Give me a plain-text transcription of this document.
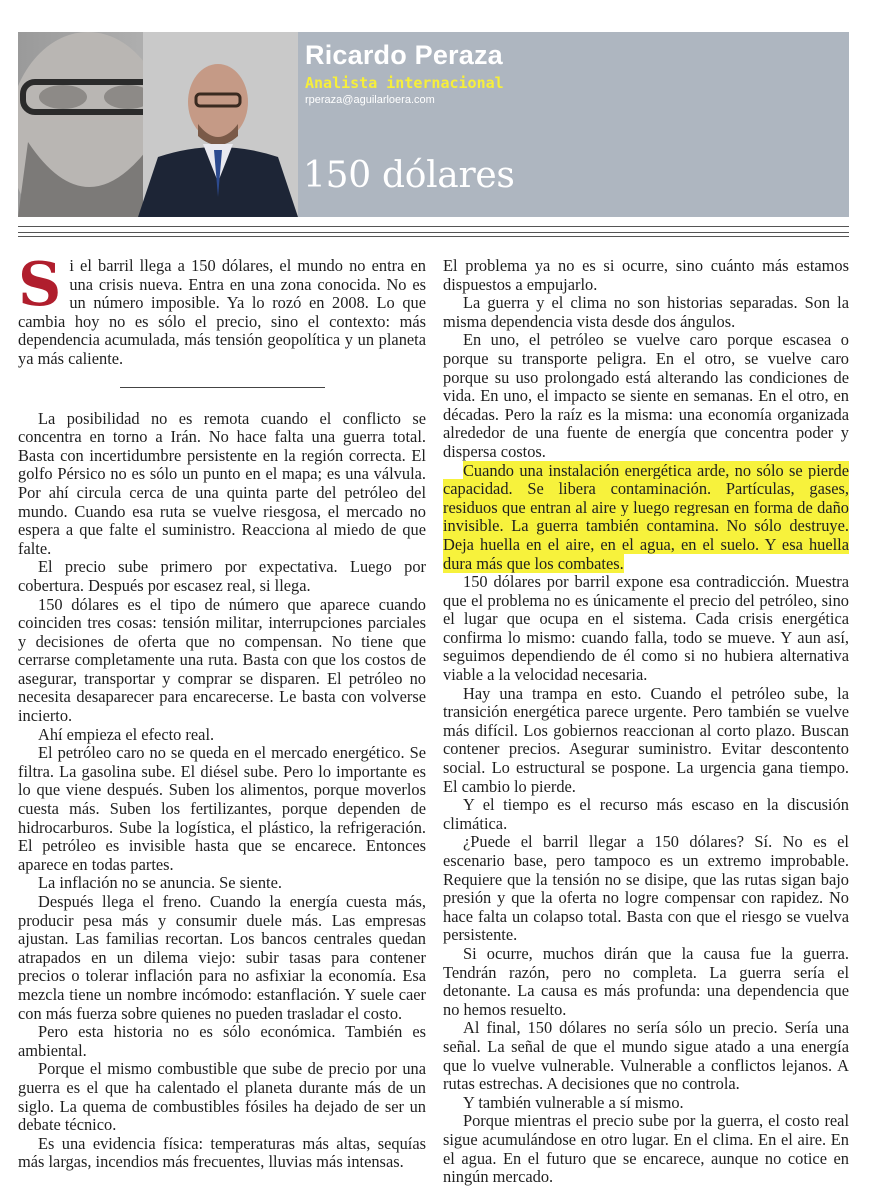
Ricardo Peraza
Analista internacional
rperaza@aguilarloera.com
150 dólares

Si el barril llega a 150 dólares, el mundo no entra en una crisis nueva. Entra en una zona conocida. No es un número imposible. Ya lo rozó en 2008. Lo que cambia hoy no es sólo el precio, sino el contexto: más dependencia acumulada, más tensión geopolítica y un planeta ya más caliente.

La posibilidad no es remota cuando el conflicto se concentra en torno a Irán. No hace falta una guerra total. Basta con incertidumbre persistente en la región correcta. El golfo Pérsico no es sólo un punto en el mapa; es una válvula. Por ahí circula cerca de una quinta parte del petróleo del mundo. Cuando esa ruta se vuelve riesgosa, el mercado no espera a que falte el suministro. Reacciona al miedo de que falte.

El precio sube primero por expectativa. Luego por cobertura. Después por escasez real, si llega.

150 dólares es el tipo de número que aparece cuando coinciden tres cosas: tensión militar, interrupciones parciales y decisiones de oferta que no compensan. No tiene que cerrarse completamente una ruta. Basta con que los costos de asegurar, transportar y comprar se disparen. El petróleo no necesita desaparecer para encarecerse. Le basta con volverse incierto.

Ahí empieza el efecto real.

El petróleo caro no se queda en el mercado energético. Se filtra. La gasolina sube. El diésel sube. Pero lo importante es lo que viene después. Suben los alimentos, porque moverlos cuesta más. Suben los fertilizantes, porque dependen de hidrocarburos. Sube la logística, el plástico, la refrigeración. El petróleo es invisible hasta que se encarece. Entonces aparece en todas partes.

La inflación no se anuncia. Se siente.

Después llega el freno. Cuando la energía cuesta más, producir pesa más y consumir duele más. Las empresas ajustan. Las familias recortan. Los bancos centrales quedan atrapados en un dilema viejo: subir tasas para contener precios o tolerar inflación para no asfixiar la economía. Esa mezcla tiene un nombre incómodo: estanflación. Y suele caer con más fuerza sobre quienes no pueden trasladar el costo.

Pero esta historia no es sólo económica. También es ambiental.

Porque el mismo combustible que sube de precio por una guerra es el que ha calentado el planeta durante más de un siglo. La quema de combustibles fósiles ha dejado de ser un debate técnico.

Es una evidencia física: temperaturas más altas, sequías más largas, incendios más frecuentes, lluvias más intensas.

El problema ya no es si ocurre, sino cuánto más estamos dispuestos a empujarlo.

La guerra y el clima no son historias separadas. Son la misma dependencia vista desde dos ángulos.

En uno, el petróleo se vuelve caro porque escasea o porque su transporte peligra. En el otro, se vuelve caro porque su uso prolongado está alterando las condiciones de vida. En uno, el impacto se siente en semanas. En el otro, en décadas. Pero la raíz es la misma: una economía organizada alrededor de una fuente de energía que concentra poder y dispersa costos.

Cuando una instalación energética arde, no sólo se pierde capacidad. Se libera contaminación. Partículas, gases, residuos que entran al aire y luego regresan en forma de daño invisible. La guerra también contamina. No sólo destruye. Deja huella en el aire, en el agua, en el suelo. Y esa huella dura más que los combates.

150 dólares por barril expone esa contradicción. Muestra que el problema no es únicamente el precio del petróleo, sino el lugar que ocupa en el sistema. Cada crisis energética confirma lo mismo: cuando falla, todo se mueve. Y aun así, seguimos dependiendo de él como si no hubiera alternativa viable a la velocidad necesaria.

Hay una trampa en esto. Cuando el petróleo sube, la transición energética parece urgente. Pero también se vuelve más difícil. Los gobiernos reaccionan al corto plazo. Buscan contener precios. Asegurar suministro. Evitar descontento social. Lo estructural se pospone. La urgencia gana tiempo. El cambio lo pierde.

Y el tiempo es el recurso más escaso en la discusión climática.

¿Puede el barril llegar a 150 dólares? Sí. No es el escenario base, pero tampoco es un extremo improbable. Requiere que la tensión no se disipe, que las rutas sigan bajo presión y que la oferta no logre compensar con rapidez. No hace falta un colapso total. Basta con que el riesgo se vuelva persistente.

Si ocurre, muchos dirán que la causa fue la guerra. Tendrán razón, pero no completa. La guerra sería el detonante. La causa es más profunda: una dependencia que no hemos resuelto.

Al final, 150 dólares no sería sólo un precio. Sería una señal. La señal de que el mundo sigue atado a una energía que lo vuelve vulnerable. Vulnerable a conflictos lejanos. A rutas estrechas. A decisiones que no controla.

Y también vulnerable a sí mismo.

Porque mientras el precio sube por la guerra, el costo real sigue acumulándose en otro lugar. En el clima. En el aire. En el agua. En el futuro que se encarece, aunque no cotice en ningún mercado.
